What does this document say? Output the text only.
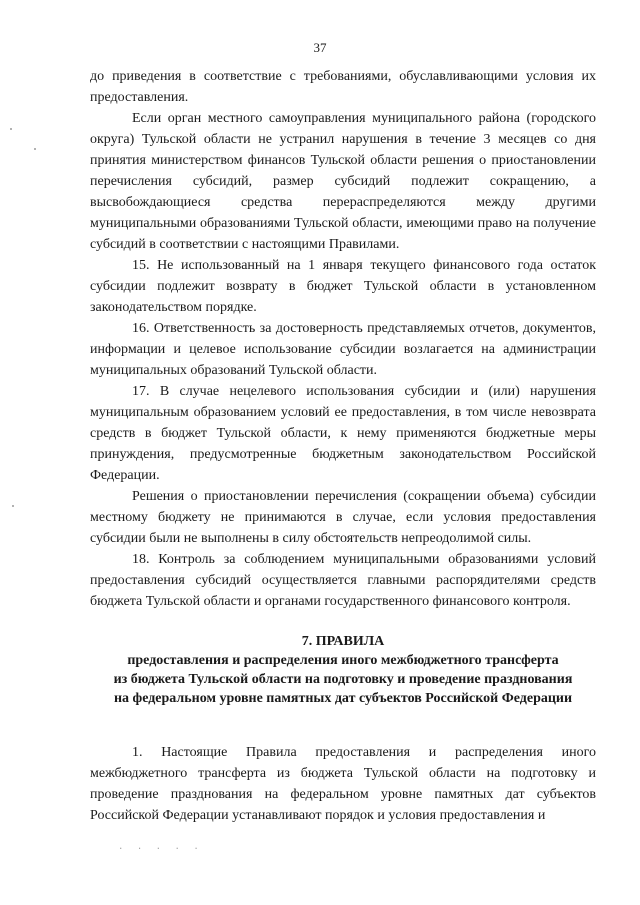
37

до приведения в соответствие с требованиями, обуславливающими условия их предоставления.

Если орган местного самоуправления муниципального района (городского округа) Тульской области не устранил нарушения в течение 3 месяцев со дня принятия министерством финансов Тульской области решения о приостановлении перечисления субсидий, размер субсидий подлежит сокращению, а высвобождающиеся средства перераспределяются между другими муниципальными образованиями Тульской области, имеющими право на получение субсидий в соответствии с настоящими Правилами.

15. Не использованный на 1 января текущего финансового года остаток субсидии подлежит возврату в бюджет Тульской области в установленном законодательством порядке.

16. Ответственность за достоверность представляемых отчетов, документов, информации и целевое использование субсидии возлагается на администрации муниципальных образований Тульской области.

17. В случае нецелевого использования субсидии и (или) нарушения муниципальным образованием условий ее предоставления, в том числе невозврата средств в бюджет Тульской области, к нему применяются бюджетные меры принуждения, предусмотренные бюджетным законодательством Российской Федерации.

Решения о приостановлении перечисления (сокращении объема) субсидии местному бюджету не принимаются в случае, если условия предоставления субсидии были не выполнены в силу обстоятельств непреодолимой силы.

18. Контроль за соблюдением муниципальными образованиями условий предоставления субсидий осуществляется главными распорядителями средств бюджета Тульской области и органами государственного финансового контроля.

7. ПРАВИЛА

предоставления и распределения иного межбюджетного трансферта

из бюджета Тульской области на подготовку и проведение празднования

на федеральном уровне памятных дат субъектов Российской Федерации

1. Настоящие Правила предоставления и распределения иного межбюджетного трансферта из бюджета Тульской области на подготовку и проведение празднования на федеральном уровне памятных дат субъектов Российской Федерации устанавливают порядок и условия предоставления и

. . . . .
